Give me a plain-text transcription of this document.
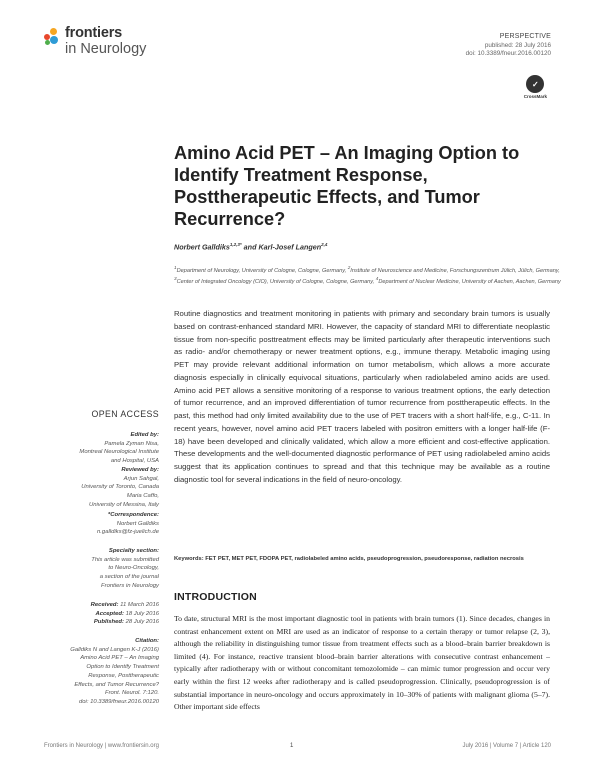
frontiers
in Neurology
PERSPECTIVE
published: 28 July 2016
doi: 10.3389/fneur.2016.00120
✓
CrossMark
Amino Acid PET – An Imaging Option to Identify Treatment Response, Posttherapeutic Effects, and Tumor Recurrence?
Norbert Galldiks$^{1,2,3*}$ and Karl-Josef Langen$^{2,4}$
$^1$Department of Neurology, University of Cologne, Cologne, Germany, $^2$Institute of Neuroscience and Medicine, Forschungszentrum Jülich, Jülich, Germany, $^3$Center of Integrated Oncology (CIO), University of Cologne, Cologne, Germany, $^4$Department of Nuclear Medicine, University of Aachen, Aachen, Germany

Routine diagnostics and treatment monitoring in patients with primary and secondary brain tumors is usually based on contrast-enhanced standard MRI. However, the capacity of standard MRI to differentiate neoplastic tissue from non-specific posttreatment effects may be limited particularly after therapeutic interventions such as radio- and/or chemotherapy or newer treatment options, e.g., immune therapy. Metabolic imaging using PET may provide relevant additional information on tumor metabolism, which allows a more accurate diagnosis especially in clinically equivocal situations, particularly when radiolabeled amino acids are used. Amino acid PET allows a sensitive monitoring of a response to various treatment options, the early detection of tumor recurrence, and an improved differentiation of tumor recurrence from posttherapeutic effects. In the past, this method had only limited availability due to the use of PET tracers with a short half-life, e.g., C-11. In recent years, however, novel amino acid PET tracers labeled with positron emitters with a longer half-life (F-18) have been developed and clinically validated, which allow a more efficient and cost-effective application. These developments and the well-documented diagnostic performance of PET using radiolabeled amino acids suggest that its application continues to spread and that this technique may be available as a routine diagnostic tool for several indications in the field of neuro-oncology.

Keywords: FET PET, MET PET, FDOPA PET, radiolabeled amino acids, pseudoprogression, pseudoresponse, radiation necrosis
INTRODUCTION

To date, structural MRI is the most important diagnostic tool in patients with brain tumors (1). Since decades, changes in contrast enhancement extent on MRI are used as an indicator of response to a certain therapy or tumor relapse (2, 3), although the reliability in distinguishing tumor tissue from treatment effects such as a blood–brain barrier breakdown is limited (4). For instance, reactive transient blood–brain barrier alterations with consecutive contrast enhancement – typically after radiotherapy with or without concomitant temozolomide – can mimic tumor progression and occur very early within the first 12 weeks after radiotherapy and is called pseudoprogression. Clinically, pseudoprogression is of substantial importance in neuro-oncology and occurs approximately in 10–30% of patients with malignant glioma (5–7). Other important side effects

OPEN ACCESS
Edited by:
Pamela Zyman Nisa,
Montreal Neurological Institute
and Hospital, USA
Reviewed by:
Arjun Sahgal,
University of Toronto, Canada
Maria Caffo,
University of Messina, Italy
*Correspondence:
Norbert Galldiks
n.galldiks@fz-juelich.de
Specialty section:
This article was submitted
to Neuro-Oncology,
a section of the journal
Frontiers in Neurology
Received: 11 March 2016
Accepted: 18 July 2016
Published: 28 July 2016
Citation:
Galldiks N and Langen K-J (2016)
Amino Acid PET – An Imaging
Option to Identify Treatment
Response, Posttherapeutic
Effects, and Tumor Recurrence?
Front. Neurol. 7:120.
doi: 10.3389/fneur.2016.00120
Frontiers in Neurology | www.frontiersin.org	1	July 2016 | Volume 7 | Article 120
